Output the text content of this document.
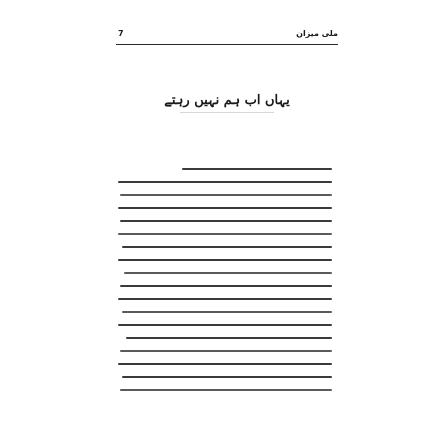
7	ملی میزان
یہاں اب ہم نہیں رہتے
